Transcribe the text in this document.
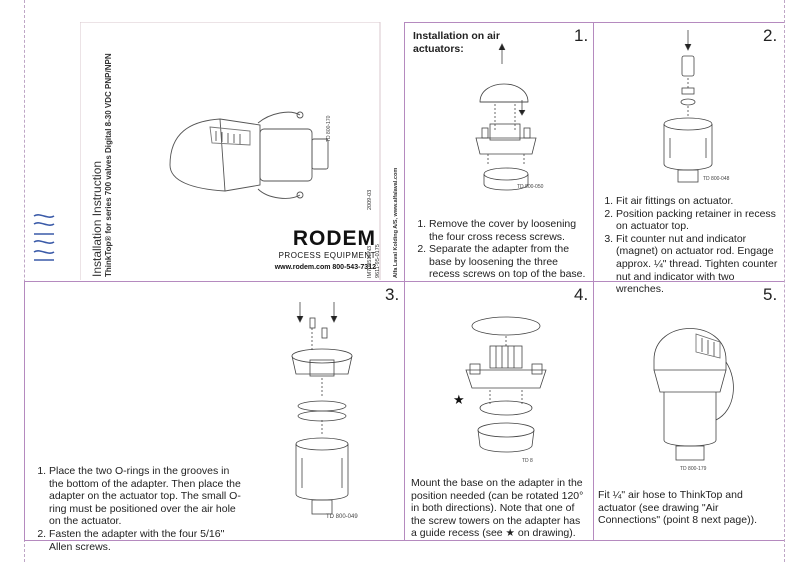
Installation Instruction ThinkTop® for series 700 valves Digital 8-30 VDC PNP/NPN	TD 800-170
RODEM
PROCESS EQUIPMENT
www.rodem.com 800-543-7312
IM70851EN3 9611-95-0175
2009-03	Alfa Laval Kolding A/S, www.alfalaval.com
1.
Installation on air actuators:
TD 800-050
1. Remove the cover by loosening the four cross recess screws.
2. Separate the adapter from the base by loosening the three recess screws on top of the base.
2.
TD 800-048
1. Fit air fittings on actuator.
2. Position packing retainer in recess on actuator top.
3. Fit counter nut and indicator (magnet) on actuator rod. Engage approx. ¼" thread. Tighten counter nut and indicator with two wrenches.
3.
TD 800-049
1. Place the two O-rings in the grooves in the bottom of the adapter. Then place the adapter on the actuator top. The small O-ring must be positioned over the air hole on the actuator.
2. Fasten the adapter with the four 5/16" Allen screws.
4.
★
TD 8
Mount the base on the adapter in the position needed (can be rotated 120° in both directions). Note that one of the screw towers on the adapter has a guide recess (see ★ on drawing).
5.
TD 800-179
Fit ¼" air hose to ThinkTop and actuator (see drawing "Air Connections" (point 8 next page)).
